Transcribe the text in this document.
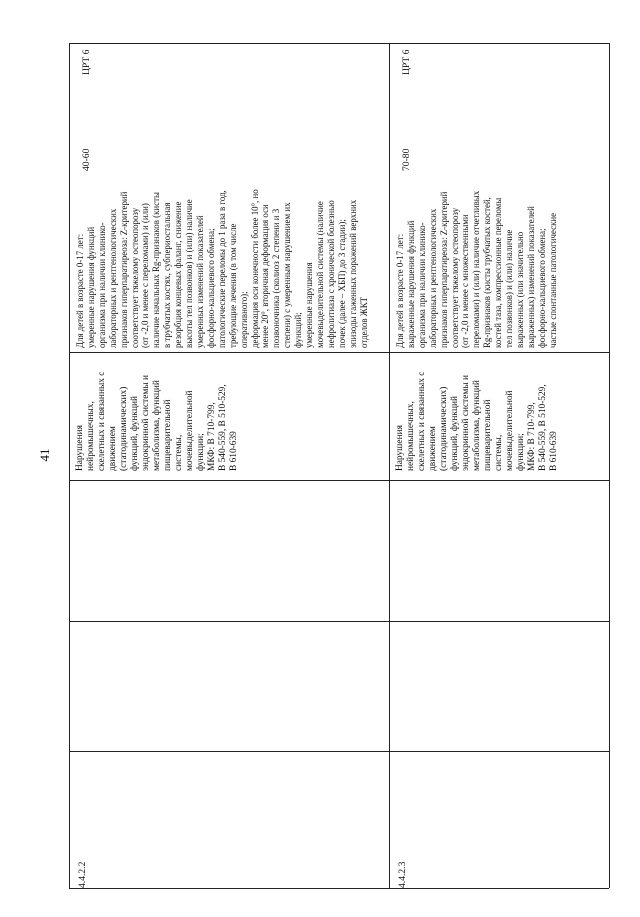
41
4.4.2.2
Нарушения нейромышечных, скелетных и связанных с движением (статодинамических) функций, функций эндокринной системы и метаболизма, функций пищеварительной системы, мочевыделительной функции; МКФ: B 710-799, B 540-559, B 510-529, B 610-639
Для детей в возрасте 0-17 лет: умеренные нарушения функций организма при наличии клинико- лабораторных и рентгенологических признаков гиперпаратиреоза: Z-критерий соответствует тяжелому остеопорозу (от -2,0 и менее с переломами) и (или) наличие начальных Rg-признаков (кисты в трубчатых костях, субпериостальная резорбция концевых фаланг, снижение высоты тел позвонков) и (или) наличие умеренных изменений показателей фосфорно-кальциевого обмена; патологические переломы до 1 раза в год, требующие лечения (в том числе оперативного); деформация оси конечности более 10°, но менее 20°, вторичная деформация оси позвоночника (сколиоз 2 степени и 3 степени) с умеренным нарушением их функций; умеренные нарушения мочевыделительной системы (наличие нефролитиаза с хронической болезнью почек (далее – ХБП) до 3 стадии); эпизоды гаженных поражений верхних отделов ЖКТ
40-60
ЦРТ 6
4.4.2.3
Нарушения нейромышечных, скелетных и связанных с движением (статодинамических) функций, функций эндокринной системы и метаболизма, функций пищеварительной системы, мочевыделительной функции; МКФ: B 710-799, B 540-559, B 510-529, B 610-639
Для детей в возрасте 0-17 лет: выраженные нарушения функций организма при наличии клинико- лабораторных и рентгенологических признаков гиперпаратиреоза: Z-критерий соответствует тяжелому остеопорозу (от -2,0 и менее с множественными переломами) и (или) наличие отчетливых Rg-признаков (кисты трубчатых костей, костей таза, компрессионные переломы тел позвонков) и (или) наличие выраженных (или значительно выраженных) изменений показателей фосфорно-кальциевого обмена; частые спонтанные патологические
70-80
ЦРТ 6
